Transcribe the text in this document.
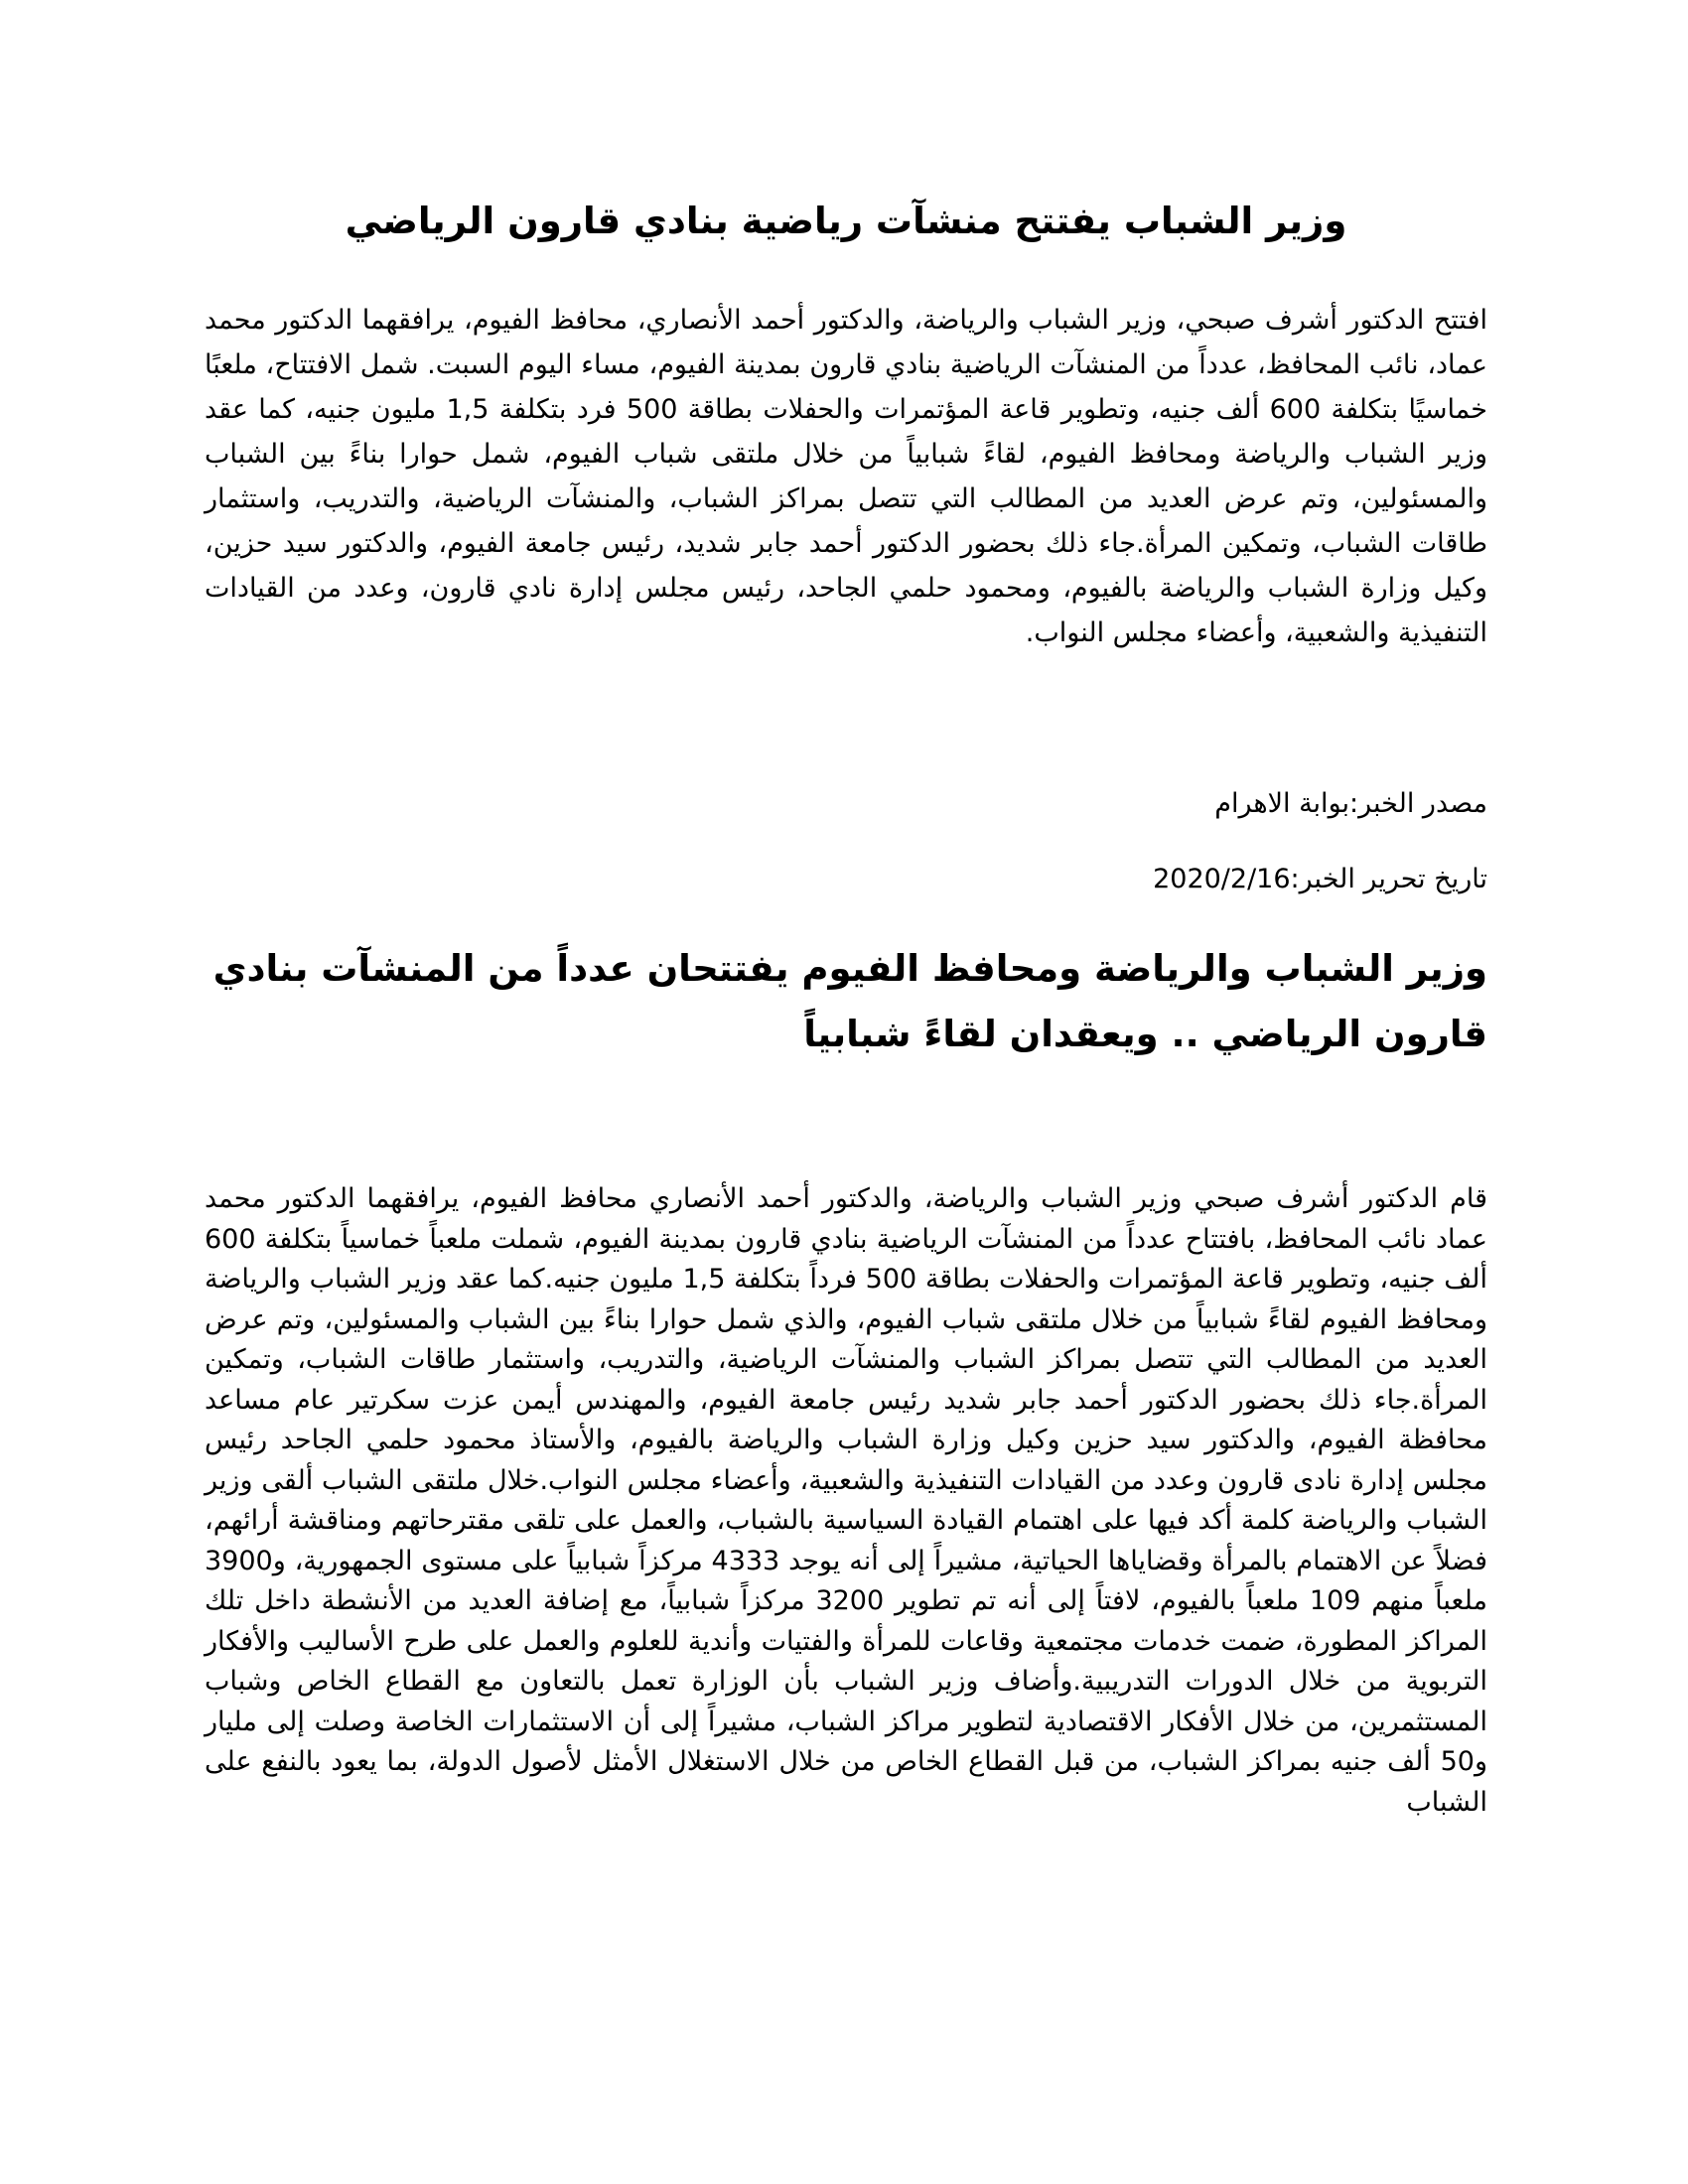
وزير الشباب يفتتح منشآت رياضية بنادي قارون الرياضي

افتتح الدكتور أشرف صبحي، وزير الشباب والرياضة، والدكتور أحمد الأنصاري، محافظ الفيوم، يرافقهما الدكتور محمد عماد، نائب المحافظ، عدداً من المنشآت الرياضية بنادي قارون بمدينة الفيوم، مساء اليوم السبت. شمل الافتتاح، ملعبًا خماسيًا بتكلفة 600 ألف جنيه، وتطوير قاعة المؤتمرات والحفلات بطاقة 500 فرد بتكلفة 1,5 مليون جنيه، كما عقد وزير الشباب والرياضة ومحافظ الفيوم، لقاءً شبابياً من خلال ملتقى شباب الفيوم، شمل حوارا بناءً بين الشباب والمسئولين، وتم عرض العديد من المطالب التي تتصل بمراكز الشباب، والمنشآت الرياضية، والتدريب، واستثمار طاقات الشباب، وتمكين المرأة.جاء ذلك بحضور الدكتور أحمد جابر شديد، رئيس جامعة الفيوم، والدكتور سيد حزين، وكيل وزارة الشباب والرياضة بالفيوم، ومحمود حلمي الجاحد، رئيس مجلس إدارة نادي قارون، وعدد من القيادات التنفيذية والشعبية، وأعضاء مجلس النواب.

مصدر الخبر:بوابة الاهرام

تاريخ تحرير الخبر:2020/2/16

وزير الشباب والرياضة ومحافظ الفيوم يفتتحان عدداً من المنشآت بنادي قارون الرياضي .. ويعقدان لقاءً شبابياً

قام الدكتور أشرف صبحي وزير الشباب والرياضة، والدكتور أحمد الأنصاري محافظ الفيوم، يرافقهما الدكتور محمد عماد نائب المحافظ، بافتتاح عدداً من المنشآت الرياضية بنادي قارون بمدينة الفيوم، شملت ملعباً خماسياً بتكلفة 600 ألف جنيه، وتطوير قاعة المؤتمرات والحفلات بطاقة 500 فرداً بتكلفة 1,5 مليون جنيه.كما عقد وزير الشباب والرياضة ومحافظ الفيوم لقاءً شبابياً من خلال ملتقى شباب الفيوم، والذي شمل حوارا بناءً بين الشباب والمسئولين، وتم عرض العديد من المطالب التي تتصل بمراكز الشباب والمنشآت الرياضية، والتدريب، واستثمار طاقات الشباب، وتمكين المرأة.جاء ذلك بحضور الدكتور أحمد جابر شديد رئيس جامعة الفيوم، والمهندس أيمن عزت سكرتير عام مساعد محافظة الفيوم، والدكتور سيد حزين وكيل وزارة الشباب والرياضة بالفيوم، والأستاذ محمود حلمي الجاحد رئيس مجلس إدارة نادى قارون وعدد من القيادات التنفيذية والشعبية، وأعضاء مجلس النواب.خلال ملتقى الشباب ألقى وزير الشباب والرياضة كلمة أكد فيها على اهتمام القيادة السياسية بالشباب، والعمل على تلقى مقترحاتهم ومناقشة أرائهم، فضلاً عن الاهتمام بالمرأة وقضاياها الحياتية، مشيراً إلى أنه يوجد 4333 مركزاً شبابياً على مستوى الجمهورية، و3900 ملعباً منهم 109 ملعباً بالفيوم، لافتاً إلى أنه تم تطوير 3200 مركزاً شبابياً، مع إضافة العديد من الأنشطة داخل تلك المراكز المطورة، ضمت خدمات مجتمعية وقاعات للمرأة والفتيات وأندية للعلوم والعمل على طرح الأساليب والأفكار التربوية من خلال الدورات التدريبية.وأضاف وزير الشباب بأن الوزارة تعمل بالتعاون مع القطاع الخاص وشباب المستثمرين، من خلال الأفكار الاقتصادية لتطوير مراكز الشباب، مشيراً إلى أن الاستثمارات الخاصة وصلت إلى مليار و50 ألف جنيه بمراكز الشباب، من قبل القطاع الخاص من خلال الاستغلال الأمثل لأصول الدولة، بما يعود بالنفع على الشباب
